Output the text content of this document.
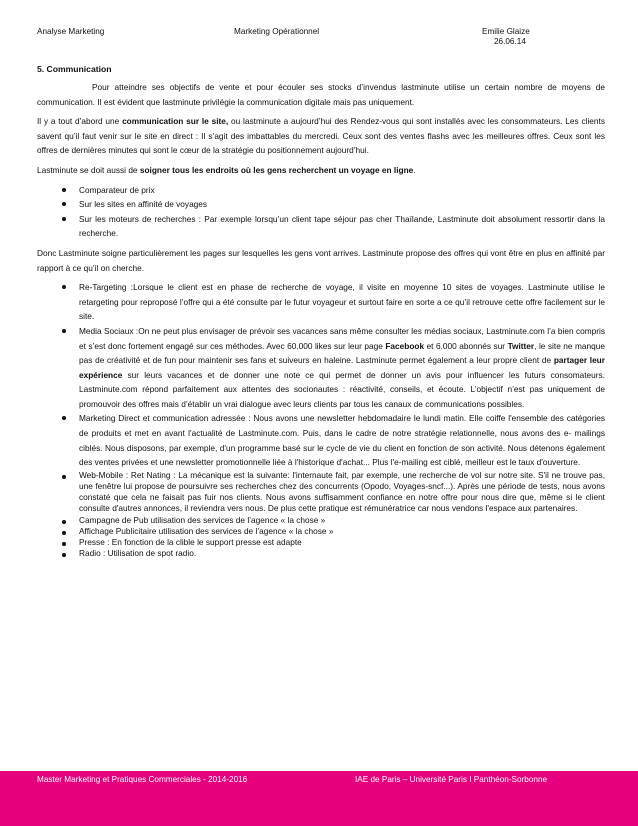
Analyse Marketing	Marketing Opérationnel	Emilie Glaize
26.06.14
5. Communication

Pour atteindre ses objectifs de vente et pour écouler ses stocks d’invendus lastminute utilise un certain nombre de moyens de communication. Il est évident que lastminute privilégie la communication digitale mais pas uniquement.

Il y a tout d’abord une communication sur le site, ou lastminute a aujourd’hui des Rendez-vous qui sont installés avec les consommateurs. Les clients savent qu’il faut venir sur le site en direct : Il s’agit des imbattables du mercredi. Ceux sont des ventes flashs avec les meilleures offres. Ceux sont les offres de dernières minutes qui sont le cœur de la stratégie du positionnement aujourd’hui.

Lastminute se doit aussi de soigner tous les endroits où les gens recherchent un voyage en ligne.

Comparateur de prix
Sur les sites en affinité de voyages
Sur les moteurs de recherches : Par exemple lorsqu’un client tape séjour pas cher Thaïlande, Lastminute doit absolument ressortir dans la recherche.

Donc Lastminute soigne particulièrement les pages sur lesquelles les gens vont arrives. Lastminute propose des offres qui vont être en plus en affinité par rapport à ce qu’il on cherche.

Re-Targeting :Lorsque le client est en phase de recherche de voyage, il visite en moyenne 10 sites de voyages. Lastminute utilise le retargeting pour reproposé l’offre qui a été consulte par le futur voyageur et surtout faire en sorte a ce qu’il retrouve cette offre facilement sur le site.
Media Sociaux :On ne peut plus envisager de prévoir ses vacances sans même consulter les médias sociaux, Lastminute.com l’a bien compris et s’est donc fortement engagé sur ces méthodes. Avec 60.000 likes sur leur page Facebook et 6.000 abonnés sur Twitter, le site ne manque pas de créativité et de fun pour maintenir ses fans et suiveurs en haleine. Lastminute permet également a leur propre client de partager leur expérience sur leurs vacances et de donner une note ce qui permet de donner un avis pour influencer les futurs consomateurs. Lastminute.com répond parfaitement aux attentes des socionautes : réactivité, conseils, et écoute. L’objectif n’est pas uniquement de promouvoir des offres mais d’établir un vrai dialogue avec leurs clients par tous les canaux de communications possibles.
Marketing Direct et communication adressée : Nous avons une newsletter hebdomadaire le lundi matin. Elle coiffe l'ensemble des catégories de produits et met en avant l'actualité de Lastminute.com. Puis, dans le cadre de notre stratégie relationnelle, nous avons des e- mailings ciblés. Nous disposons, par exemple, d'un programme basé sur le cycle de vie du client en fonction de son activité. Nous détenons également des ventes privées et une newsletter promotionnelle liée à l'historique d'achat... Plus l'e-mailing est ciblé, meilleur est le taux d'ouverture.
Web-Mobile : Ret Nating : La mécanique est la suivante: l'internaute fait, par exemple, une recherche de vol sur notre site. S'il ne trouve pas, une fenêtre lui propose de poursuivre ses recherches chez des concurrents (Opodo, Voyages-sncf...). Après une période de tests, nous avons constaté que cela ne faisait pas fuir nos clients. Nous avons suffisamment confiance en notre offre pour nous dire que, même si le client consulte d'autres annonces, il reviendra vers nous. De plus cette pratique est rémunératrice car nous vendons l'espace aux partenaires.
Campagne de Pub utilisation des services de l’agence « la chose »
Affichage Publicitaire utilisation des services de l’agence « la chose »
Presse : En fonction de la clible le support presse est adapte
Radio : Utilisation de spot radio.
Master Marketing et Pratiques Commerciales - 2014-2016	IAE de Paris – Université Paris I Panthéon-Sorbonne
